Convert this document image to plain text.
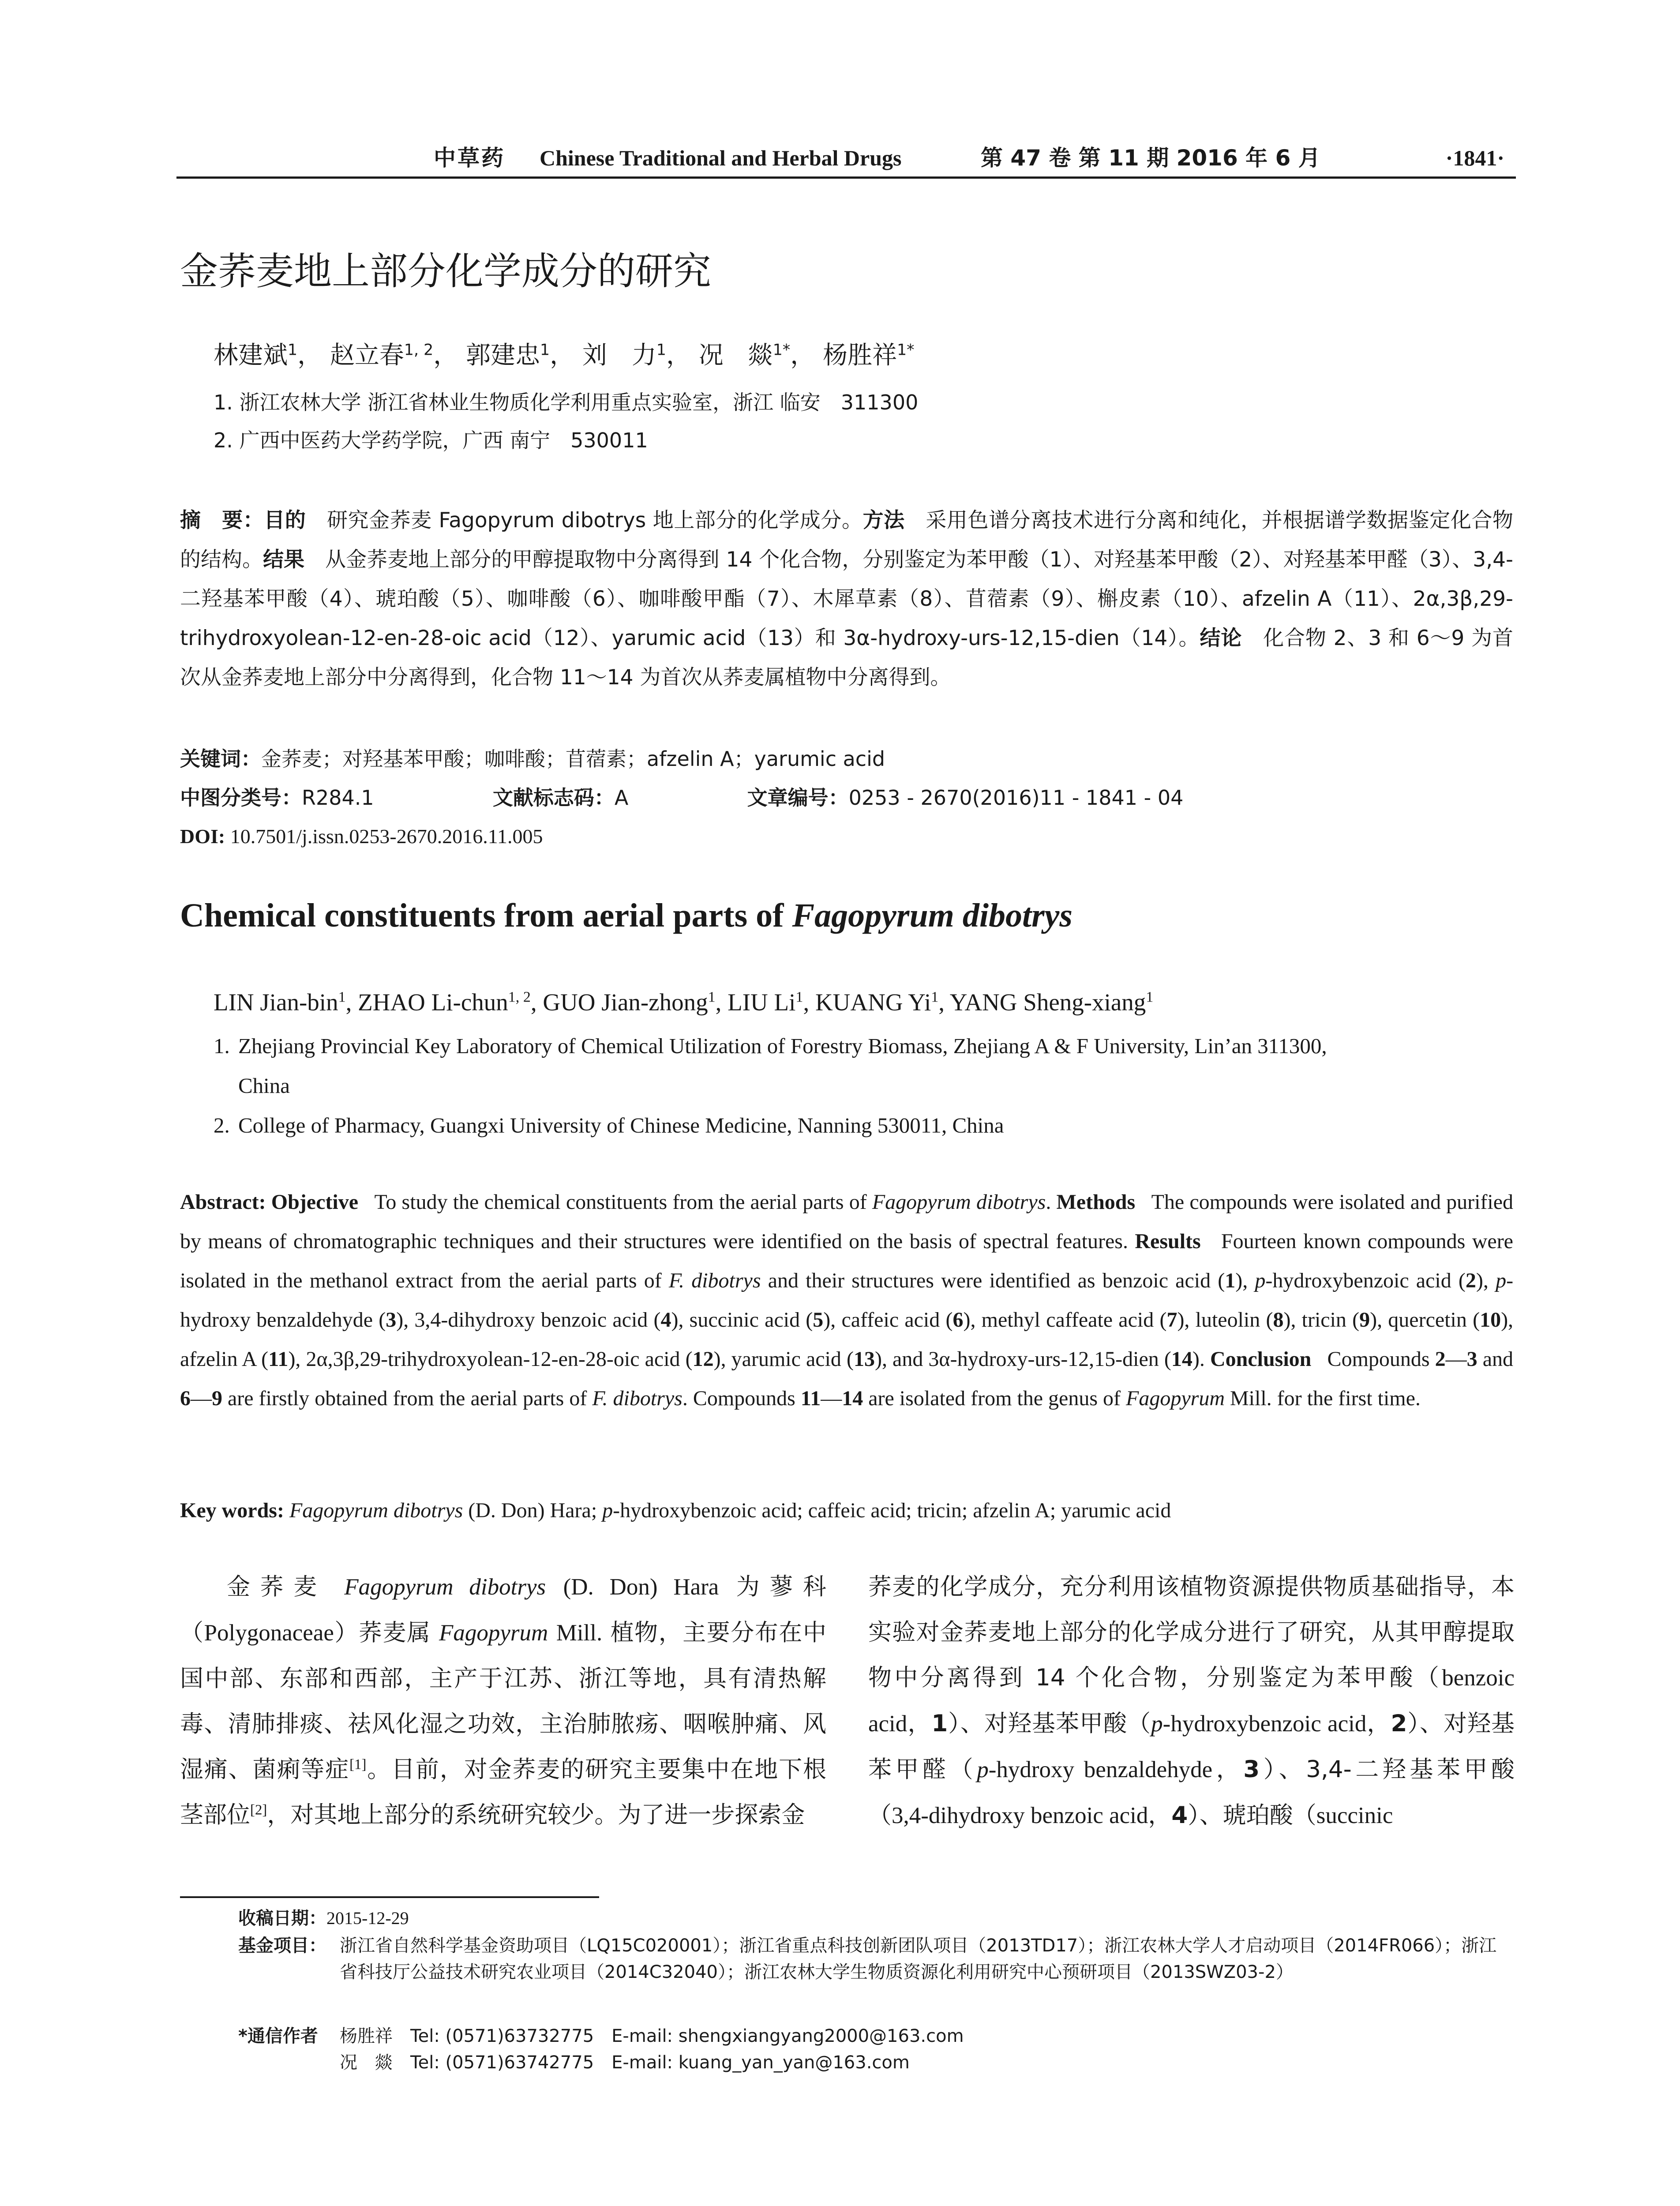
中草药 Chinese Traditional and Herbal Drugs	第 47 卷 第 11 期 2016 年 6 月	·1841·
金荞麦地上部分化学成分的研究
林建斌$^1$， 赵立春$^{1, 2}$， 郭建忠$^1$， 刘　力$^1$， 况　燚$^{1*}$， 杨胜祥$^{1*}$
1. 浙江农林大学 浙江省林业生物质化学利用重点实验室，浙江 临安　311300
2. 广西中医药大学药学院，广西 南宁　530011
摘　要：目的　 研究金荞麦 Fagopyrum dibotrys 地上部分的化学成分。方法　 采用色谱分离技术进行分离和纯化，并根据谱学数据鉴定化合物的结构。结果　 从金荞麦地上部分的甲醇提取物中分离得到 14 个化合物，分别鉴定为苯甲酸（1）、对羟基苯甲酸（2）、对羟基苯甲醛（3）、3,4-二羟基苯甲酸（4）、琥珀酸（5）、咖啡酸（6）、咖啡酸甲酯（7）、木犀草素（8）、苜蓿素（9）、槲皮素（10）、afzelin A（11）、2α,3β,29-trihydroxyolean-12-en-28-oic acid（12）、yarumic acid（13）和 3α-hydroxy-urs-12,15-dien（14）。结论　 化合物 2、3 和 6～9 为首次从金荞麦地上部分中分离得到，化合物 11～14 为首次从荞麦属植物中分离得到。
关键词：金荞麦；对羟基苯甲酸；咖啡酸；苜蓿素；afzelin A；yarumic acid
中图分类号：R284.1	文献标志码：A	文章编号：0253 - 2670(2016)11 - 1841 - 04
DOI: 10.7501/j.issn.0253-2670.2016.11.005
Chemical constituents from aerial parts of Fagopyrum dibotrys
LIN Jian-bin$^1$, ZHAO Li-chun$^{1, 2}$, GUO Jian-zhong$^1$, LIU Li$^1$, KUANG Yi$^1$, YANG Sheng-xiang$^1$
1. Zhejiang Provincial Key Laboratory of Chemical Utilization of Forestry Biomass, Zhejiang A & F University, Lin’an 311300,
China
2. College of Pharmacy, Guangxi University of Chinese Medicine, Nanning 530011, China
Abstract: Objective   To study the chemical constituents from the aerial parts of Fagopyrum dibotrys. Methods   The compounds were isolated and purified by means of chromatographic techniques and their structures were identified on the basis of spectral features. Results   Fourteen known compounds were isolated in the methanol extract from the aerial parts of F. dibotrys and their structures were identified as benzoic acid (1), p-hydroxybenzoic acid (2), p-hydroxy benzaldehyde (3), 3,4-dihydroxy benzoic acid (4), succinic acid (5), caffeic acid (6), methyl caffeate acid (7), luteolin (8), tricin (9), quercetin (10), afzelin A (11), 2α,3β,29-trihydroxyolean-12-en-28-oic acid (12), yarumic acid (13), and 3α-hydroxy-urs-12,15-dien (14). Conclusion   Compounds 2—3 and 6—9 are firstly obtained from the aerial parts of F. dibotrys. Compounds 11—14 are isolated from the genus of Fagopyrum Mill. for the first time.
Key words: Fagopyrum dibotrys (D. Don) Hara; p-hydroxybenzoic acid; caffeic acid; tricin; afzelin A; yarumic acid
金荞麦 Fagopyrum dibotrys (D. Don) Hara 为蓼科（Polygonaceae）荞麦属 Fagopyrum Mill. 植物，主要分布在中国中部、东部和西部，主产于江苏、浙江等地，具有清热解毒、清肺排痰、祛风化湿之功效，主治肺脓疡、咽喉肿痛、风湿痛、菌痢等症[1]。目前，对金荞麦的研究主要集中在地下根茎部位[2]，对其地上部分的系统研究较少。为了进一步探索金
荞麦的化学成分，充分利用该植物资源提供物质基础指导，本实验对金荞麦地上部分的化学成分进行了研究，从其甲醇提取物中分离得到 14 个化合物，分别鉴定为苯甲酸（benzoic acid，1）、对羟基苯甲酸（p-hydroxybenzoic acid，2）、对羟基苯甲醛（p-hydroxy benzaldehyde，3）、3,4-二羟基苯甲酸（3,4-dihydroxy benzoic acid，4）、琥珀酸（succinic
收稿日期：2015-12-29
基金项目： 浙江省自然科学基金资助项目（LQ15C020001）；浙江省重点科技创新团队项目（2013TD17）；浙江农林大学人才启动项目（2014FR066）；浙江省科技厅公益技术研究农业项目（2014C32040）；浙江农林大学生物质资源化利用研究中心预研项目（2013SWZ03-2）
*通信作者	杨胜祥　Tel: (0571)63732775　E-mail: shengxiangyang2000@163.com
况　燚　Tel: (0571)63742775　E-mail: kuang_yan_yan@163.com
